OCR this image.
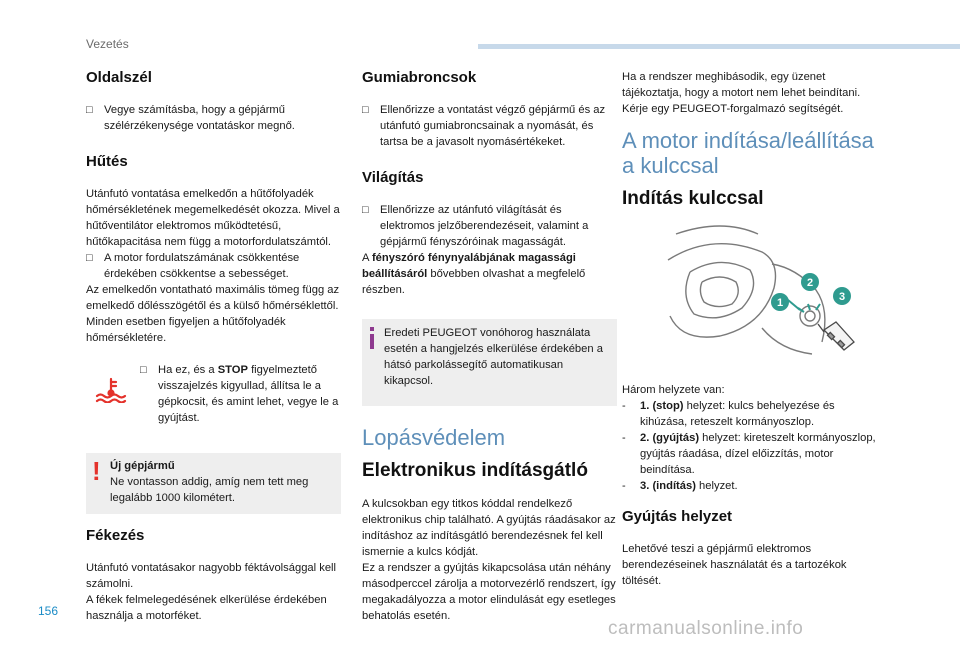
Vezetés
Oldalszél
□ Vegye számításba, hogy a gépjármű szélérzékenysége vontatáskor megnő.
Hűtés
Utánfutó vontatása emelkedőn a hűtőfolyadék hőmérsékletének megemelkedését okozza. Mivel a hűtőventilátor elektromos működtetésű, hűtőkapacitása nem függ a motorfordulatszámtól.
□ A motor fordulatszámának csökkentése érdekében csökkentse a sebességet.
Az emelkedőn vontatható maximális tömeg függ az emelkedő dőlésszögétől és a külső hőmérséklettől.
Minden esetben figyeljen a hűtőfolyadék hőmérsékletére.
□ Ha ez, és a STOP figyelmeztető visszajelzés kigyullad, állítsa le a gépkocsit, és amint lehet, vegye le a gyújtást.
! Új gépjármű
Ne vontasson addig, amíg nem tett meg legalább 1000 kilométert.
Fékezés
Utánfutó vontatásakor nagyobb féktávolsággal kell számolni.
A fékek felmelegedésének elkerülése érdekében használja a motorféket.
Gumiabroncsok
□ Ellenőrizze a vontatást végző gépjármű és az utánfutó gumiabroncsainak a nyomását, és tartsa be a javasolt nyomásértékeket.
Világítás
□ Ellenőrizze az utánfutó világítását és elektromos jelzőberendezéseit, valamint a gépjármű fényszóróinak magasságát.
A fényszóró fénynyalábjának magassági beállításáról bővebben olvashat a megfelelő részben.
Eredeti PEUGEOT vonóhorog használata esetén a hangjelzés elkerülése érdekében a hátsó parkolássegítő automatikusan kikapcsol.
Lopásvédelem
Elektronikus indításgátló
A kulcsokban egy titkos kóddal rendelkező elektronikus chip található. A gyújtás ráadásakor az indításhoz az indításgátló berendezésnek fel kell ismernie a kulcs kódját.
Ez a rendszer a gyújtás kikapcsolása után néhány másodperccel zárolja a motorvezérlő rendszert, így megakadályozza a motor elindulását egy esetleges behatolás esetén.
Ha a rendszer meghibásodik, egy üzenet tájékoztatja, hogy a motort nem lehet beindítani.
Kérje egy PEUGEOT-forgalmazó segítségét.
A motor indítása/leállítása a kulccsal
Indítás kulccsal
1
2
3
Három helyzete van:
- 1. (stop) helyzet: kulcs behelyezése és kihúzása, reteszelt kormányoszlop.
- 2. (gyújtás) helyzet: kireteszelt kormányoszlop, gyújtás ráadása, dízel előizzítás, motor beindítása.
- 3. (indítás) helyzet.
Gyújtás helyzet
Lehetővé teszi a gépjármű elektromos berendezéseinek használatát és a tartozékok töltését.
156
carmanualsonline.info
